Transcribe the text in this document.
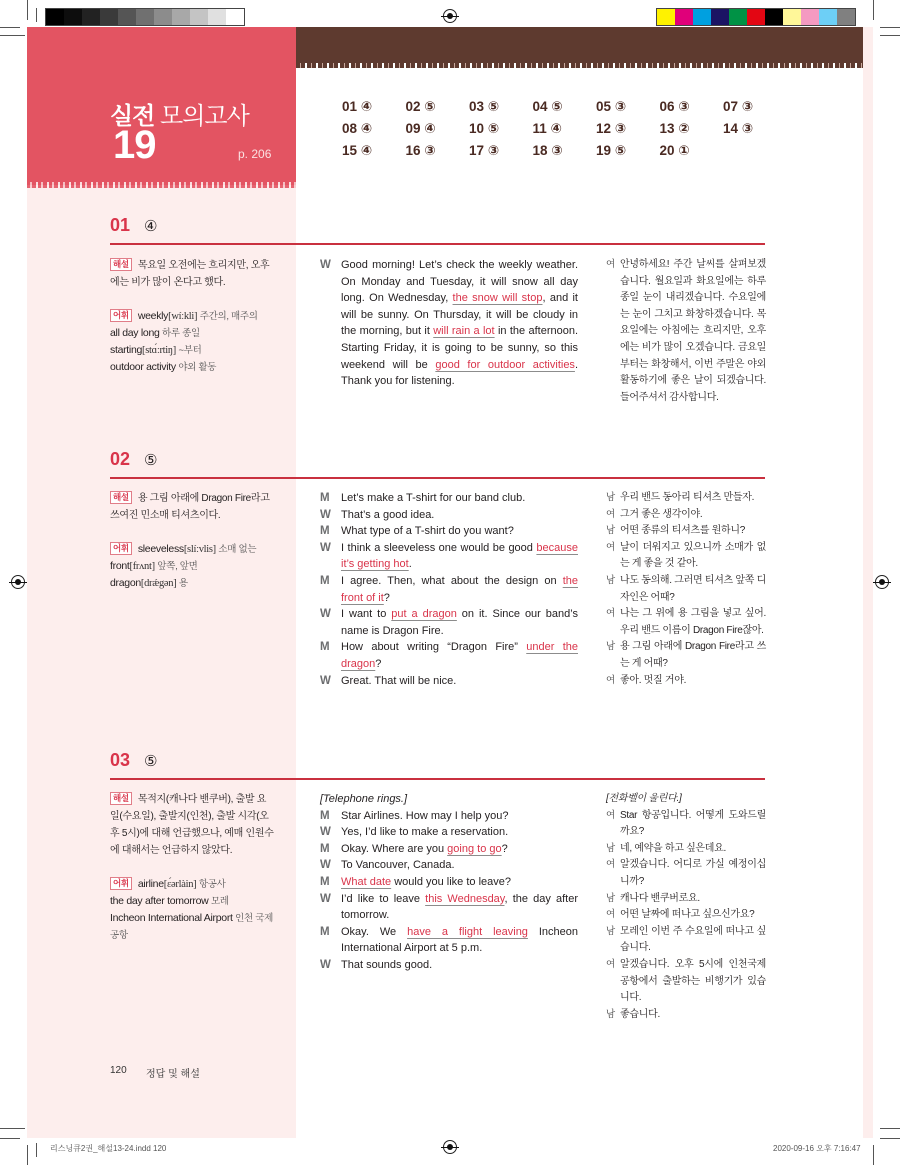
실전 모의고사
19	p. 206
01 ④	02 ⑤	03 ⑤	04 ⑤	05 ③	06 ③	07 ③
08 ④	09 ④	10 ⑤	11 ④	12 ③	13 ②	14 ③
15 ④	16 ③	17 ③	18 ③	19 ⑤	20 ①
01 ④
해설 목요일 오전에는 흐리지만, 오후에는 비가 많이 온다고 했다.
어휘 weekly[wíːkli] 주간의, 매주의
all day long 하루 종일
starting[stɑ́ːrtiŋ] ~부터
outdoor activity 야외 활동
W Good morning! Let’s check the weekly weather. On Monday and Tuesday, it will snow all day long. On Wednesday, the snow will stop, and it will be sunny. On Thursday, it will be cloudy in the morning, but it will rain a lot in the afternoon. Starting Friday, it is going to be sunny, so this weekend will be good for outdoor activities. Thank you for listening.
여 안녕하세요! 주간 날씨를 살펴보겠습니다. 월요일과 화요일에는 하루 종일 눈이 내리겠습니다. 수요일에는 눈이 그치고 화창하겠습니다. 목요일에는 아침에는 흐리지만, 오후에는 비가 많이 오겠습니다. 금요일부터는 화창해서, 이번 주말은 야외 활동하기에 좋은 날이 되겠습니다. 들어주셔서 감사합니다.
02 ⑤
해설 용 그림 아래에 Dragon Fire라고 쓰여진 민소매 티셔츠이다.
어휘 sleeveless[slíːvlis] 소매 없는
front[frʌnt] 앞쪽, 앞면
dragon[drǽgən] 용
M	Let’s make a T-shirt for our band club.
W That’s a good idea.
M	What type of a T-shirt do you want?
W I think a sleeveless one would be good because it’s getting hot.
M	I agree. Then, what about the design on the front of it?
W I want to put a dragon on it. Since our band’s name is Dragon Fire.
M	How about writing “Dragon Fire” under the dragon?
W Great. That will be nice.
남 우리 밴드 동아리 티셔츠 만들자.
여 그거 좋은 생각이야.
남 어떤 종류의 티셔츠를 원하니?
여 날이 더워지고 있으니까 소매가 없는 게 좋을 것 같아.
남 나도 동의해. 그러면 티셔츠 앞쪽 디자인은 어때?
여 나는 그 위에 용 그림을 넣고 싶어. 우리 밴드 이름이 Dragon Fire잖아.
남 용 그림 아래에 Dragon Fire라고 쓰는 게 어때?
여 좋아. 멋질 거야.
03 ⑤
해설 목적지(캐나다 밴쿠버), 출발 요일(수요일), 출발지(인천), 출발 시각(오후 5시)에 대해 언급했으나, 예매 인원수에 대해서는 언급하지 않았다.
어휘 airline[ɛ́ərlàin] 항공사
the day after tomorrow 모레
Incheon International Airport 인천 국제 공항
[Telephone rings.]
M	Star Airlines. How may I help you?
W Yes, I’d like to make a reservation.
M	Okay. Where are you going to go?
W To Vancouver, Canada.
M	What date would you like to leave?
W I’d like to leave this Wednesday, the day after tomorrow.
M	Okay. We have a flight leaving Incheon International Airport at 5 p.m.
W That sounds good.
[전화벨이 울린다.]
여 Star 항공입니다. 어떻게 도와드릴까요?
남 네, 예약을 하고 싶은데요.
여 알겠습니다. 어디로 가실 예정이십니까?
남 캐나다 밴쿠버로요.
여 어떤 날짜에 떠나고 싶으신가요?
남 모레인 이번 주 수요일에 떠나고 싶습니다.
여 알겠습니다. 오후 5시에 인천국제공항에서 출발하는 비행기가 있습니다.
남 좋습니다.
120 정답 및 해설
리스닝큐2권_해설13-24.indd 120	2020-09-16 오후 7:16:47
